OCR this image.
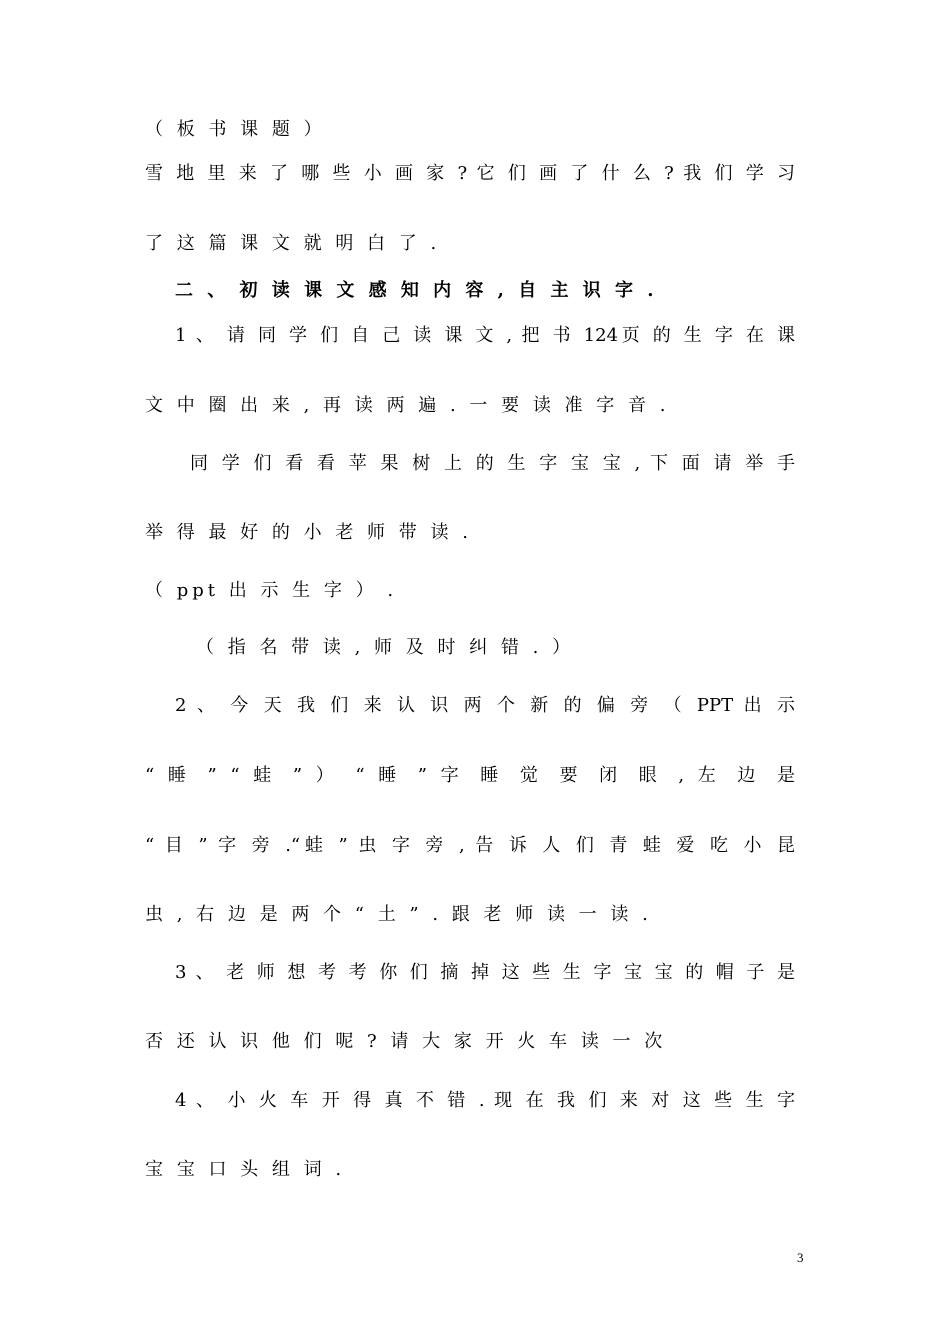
（ 板 书 课 题 ）
雪 地 里 来 了 哪 些 小 画 家 ? 它 们 画 了 什 么 ? 我 们 学 习
了 这 篇 课 文 就 明 白 了 .
二 、 初 读 课 文 感 知 内 容 , 自 主 识 字 .
1 、 请 同 学 们 自 己 读 课 文 , 把 书 124页 的 生 字 在 课
文 中 圈 出 来 , 再 读 两 遍 . 一 要 读 准 字 音 .
同 学 们 看 看 苹 果 树 上 的 生 字 宝 宝 , 下 面 请 举 手
举 得 最 好 的 小 老 师 带 读 .
（ ppt 出 示 生 字 ） .
（ 指 名 带 读 , 师 及 时 纠 错 . ）
2 、 今 天 我 们 来 认 识 两 个 新 的 偏 旁 （ PPT 出 示
“ 睡 ” “ 蛙 ” ） “ 睡 ” 字 睡 觉 要 闭 眼 , 左 边 是
“ 目 ” 字 旁 .“蛙 ” 虫 字 旁 , 告 诉 人 们 青 蛙 爱 吃 小 昆
虫 , 右 边 是 两 个 “ 土 ” . 跟 老 师 读 一 读 .
3 、 老 师 想 考 考 你 们 摘 掉 这 些 生 字 宝 宝 的 帽 子 是
否 还 认 识 他 们 呢 ? 请 大 家 开 火 车 读 一 次
4 、 小 火 车 开 得 真 不 错 . 现 在 我 们 来 对 这 些 生 字
宝 宝 口 头 组 词 .
3
